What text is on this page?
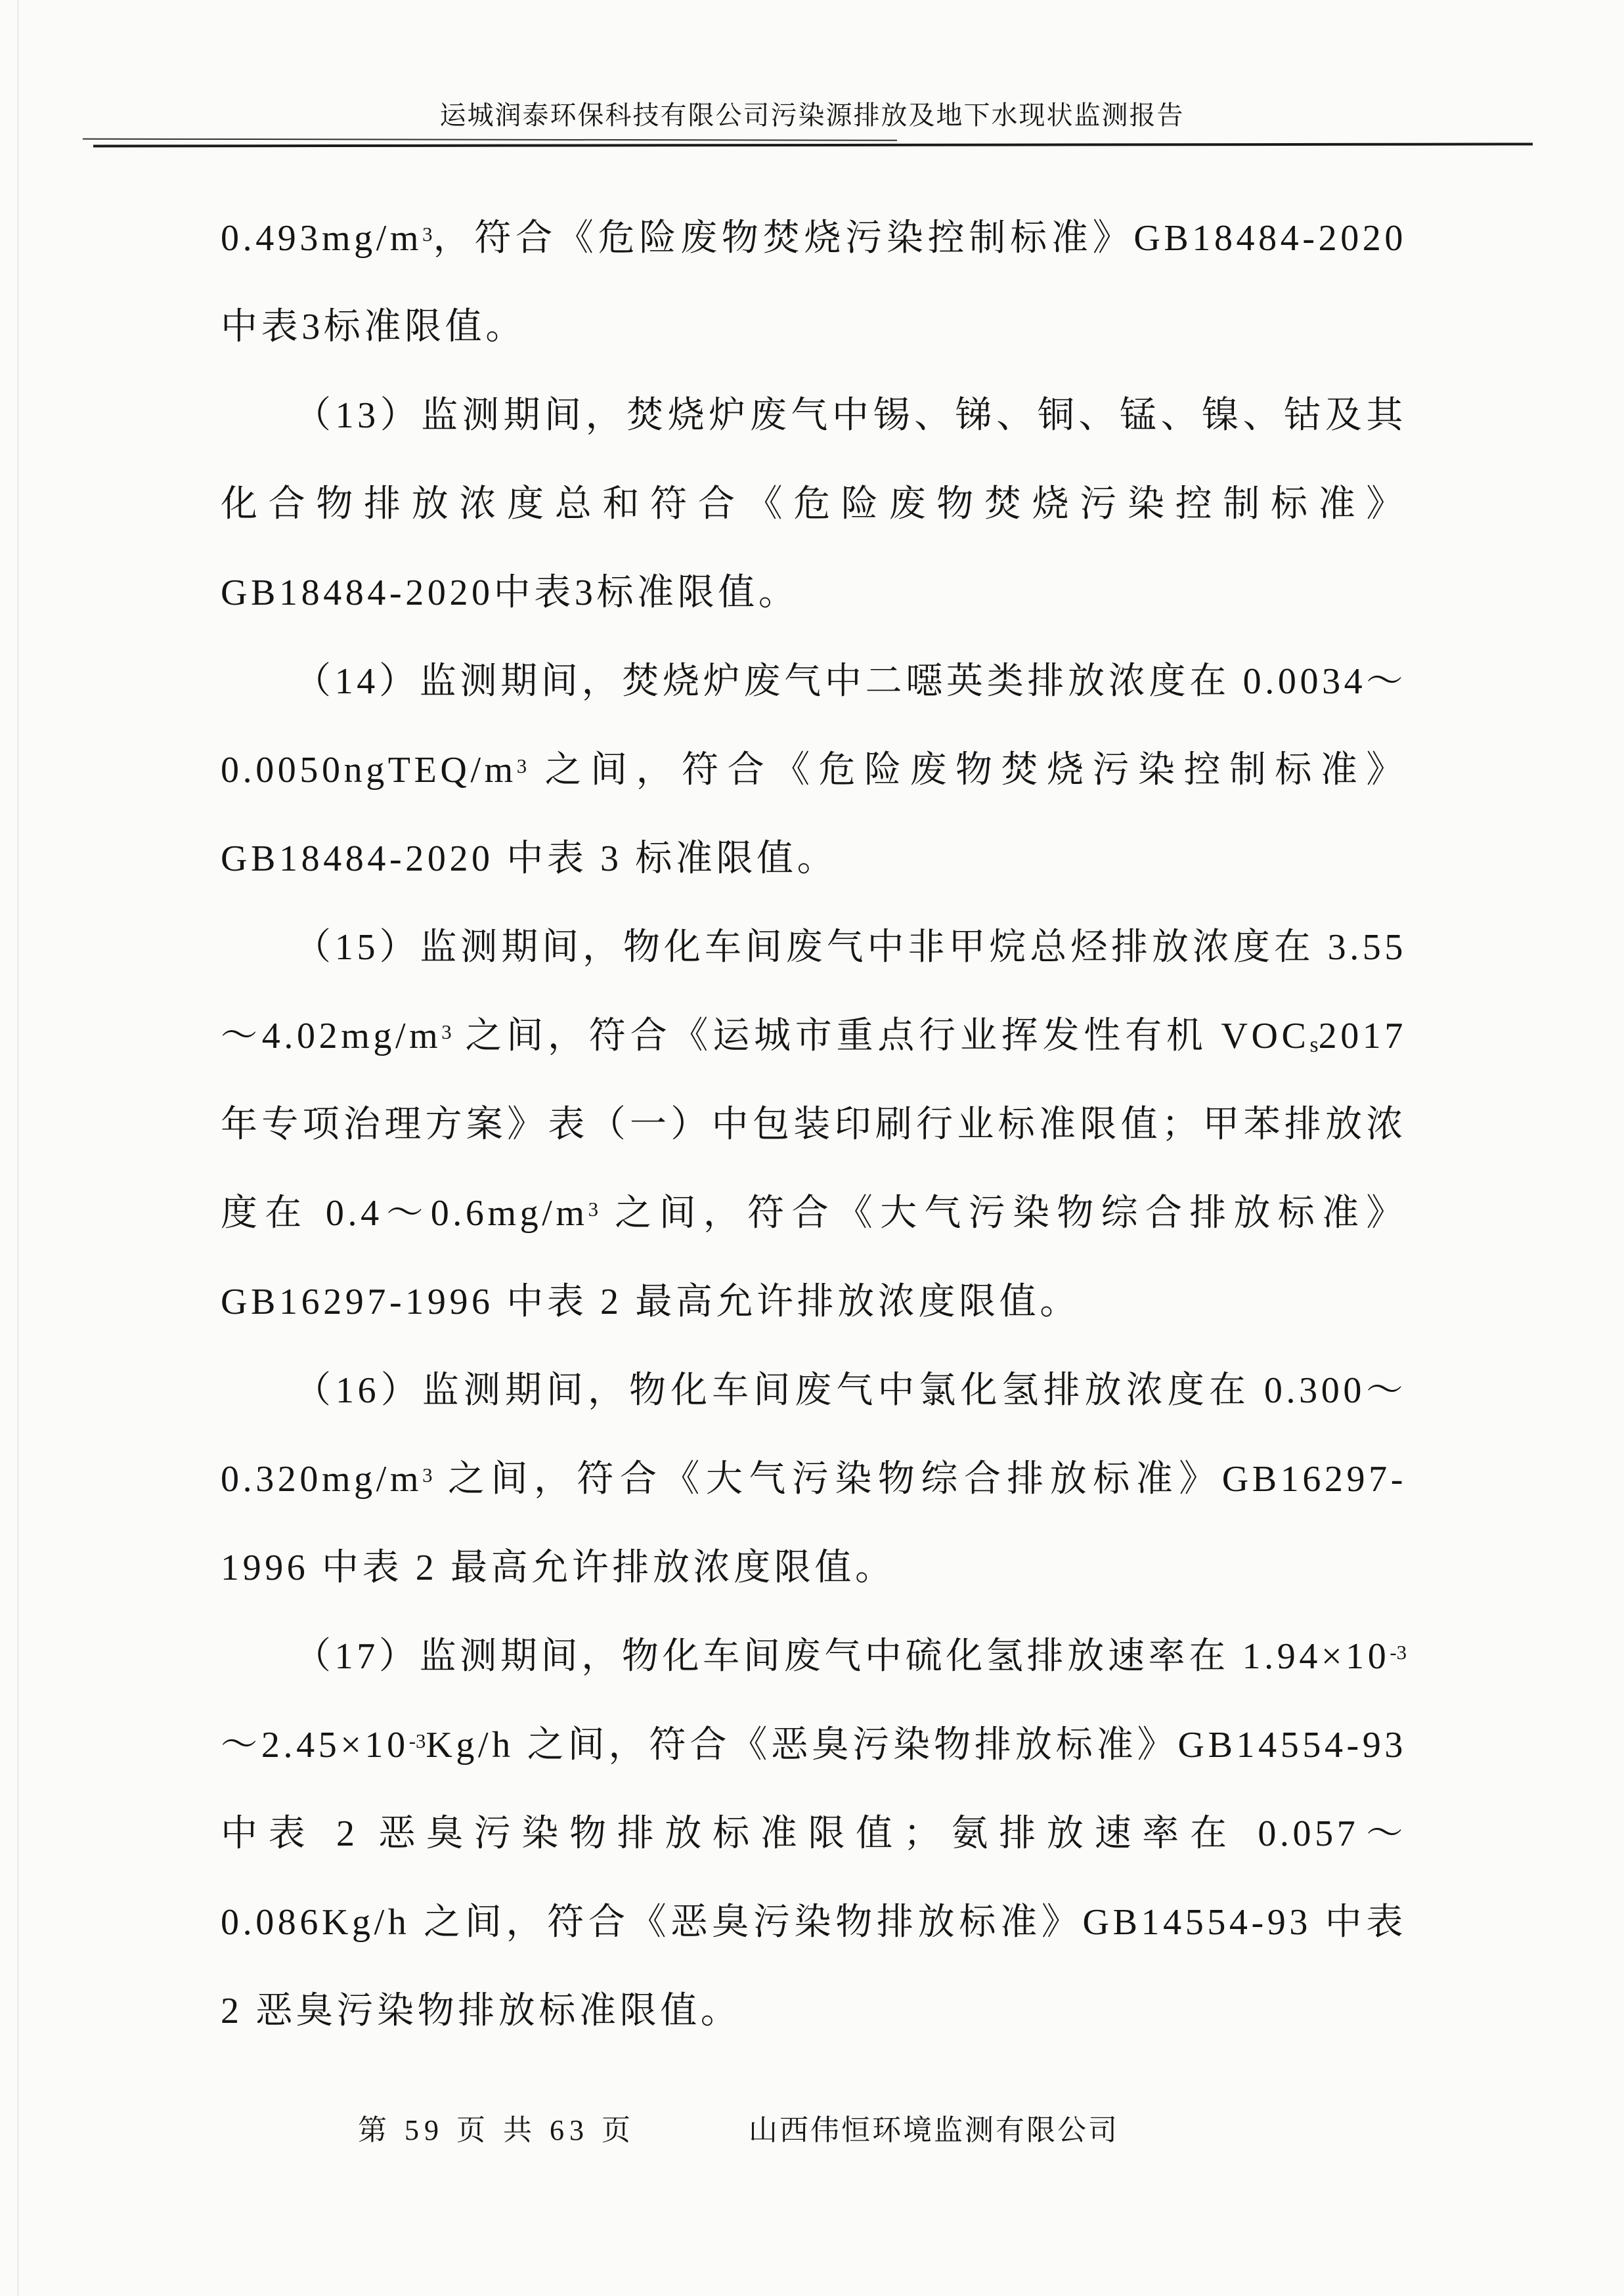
运城润泰环保科技有限公司污染源排放及地下水现状监测报告

$0.493mg/m^3$，符合《危险废物焚烧污染控制标准》GB18484-2020中表3标准限值。

（13）监测期间，焚烧炉废气中锡、锑、铜、锰、镍、钴及其化合物排放浓度总和符合《危险废物焚烧污染控制标准》GB18484-2020中表3标准限值。

（14）监测期间，焚烧炉废气中二噁英类排放浓度在 $0.0034\sim 0.0050ngTEQ/m^3$ 之间，符合《危险废物焚烧污染控制标准》GB18484-2020 中表 3 标准限值。

（15）监测期间，物化车间废气中非甲烷总烃排放浓度在 $3.55\sim 4.02mg/m^3$ 之间，符合《运城市重点行业挥发性有机 $VOC_s2017$ 年专项治理方案》表（一）中包装印刷行业标准限值；甲苯排放浓度在 $0.4\sim 0.6mg/m^3$ 之间，符合《大气污染物综合排放标准》GB16297-1996 中表 2 最高允许排放浓度限值。

（16）监测期间，物化车间废气中氯化氢排放浓度在 $0.300\sim 0.320mg/m^3$ 之间，符合《大气污染物综合排放标准》GB16297-1996 中表 2 最高允许排放浓度限值。

（17）监测期间，物化车间废气中硫化氢排放速率在 $1.94\times 10^{-3}\sim 2.45\times 10^{-3}Kg/h$ 之间，符合《恶臭污染物排放标准》GB14554-93 中表 2 恶臭污染物排放标准限值；氨排放速率在 0.057～0.086Kg/h 之间，符合《恶臭污染物排放标准》GB14554-93 中表 2 恶臭污染物排放标准限值。

第 59 页 共 63 页	山西伟恒环境监测有限公司
